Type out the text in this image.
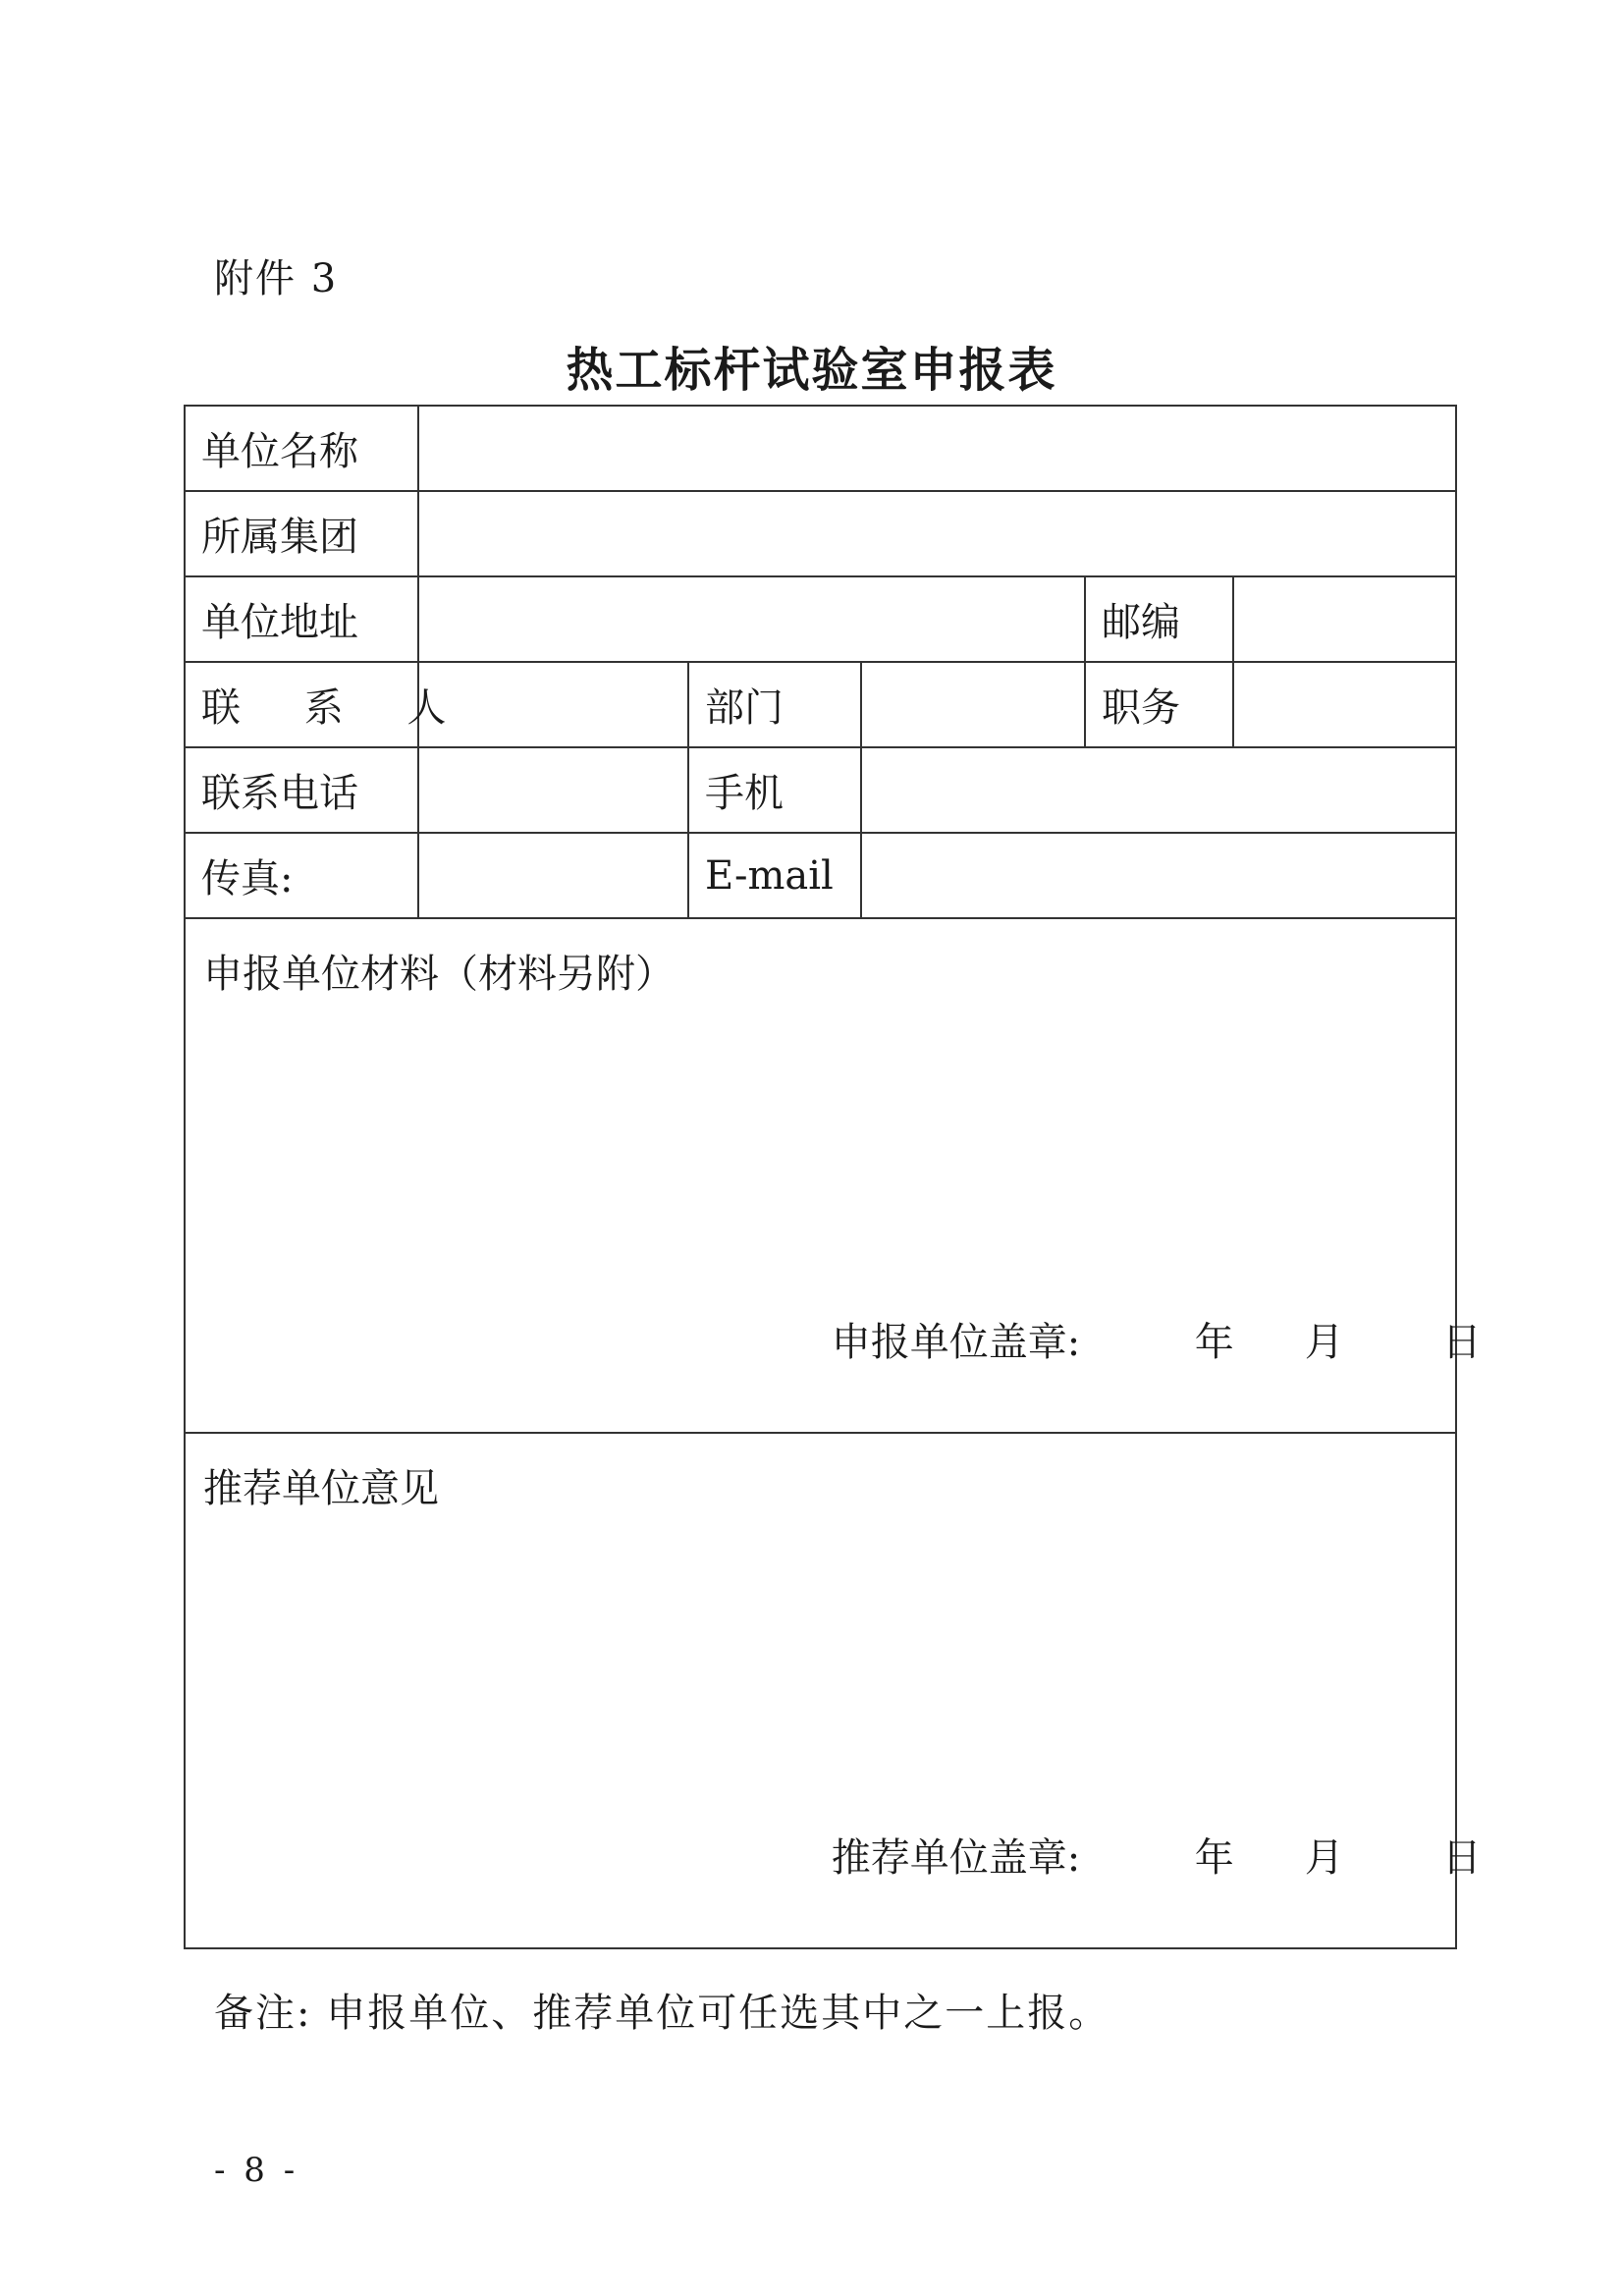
附件 3
热工标杆试验室申报表
单位名称					
所属集团					
单位地址				邮编	
联 系 人		部门		职务	
联系电话		手机			
传真:		E-mail			

申报单位材料（材料另附）

申报单位盖章: 年 月 日					

推荐单位意见

推荐单位盖章: 年 月 日					

备注: 申报单位、推荐单位可任选其中之一上报。
- 8 -
